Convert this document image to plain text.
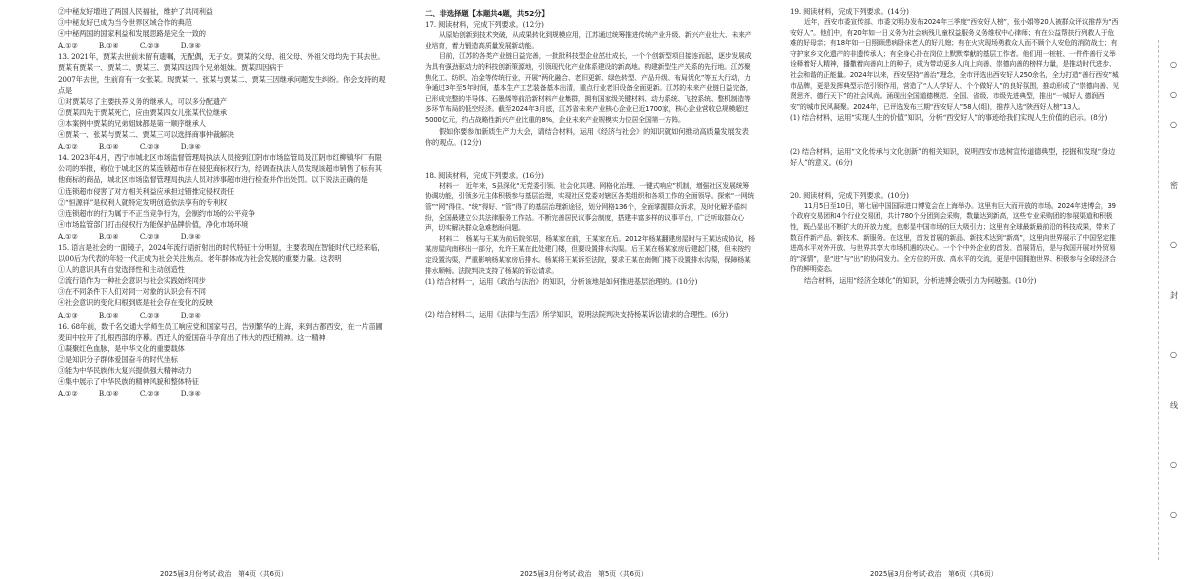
②中秘友好增进了两国人民福祉，维护了共同利益

③中秘友好已成为当今世界区域合作的典范

④中秘两国的国家利益和发展思路是完全一致的

A.①②　　　B.①④　　　C.②③　　　D.③④

13. 2021年，贾某去世前未留有遗嘱，无配偶，无子女。贾某的父母、祖父母、外祖父母均先于其去世。贾某有贾某一、贾某二、贾某三、贾某四这四个兄弟姐妹。贾某四因病于

2007年去世，生前育有一女张某。现贾某一、张某与贾某二、贾某三因继承问题发生纠纷。你会支持的观点是

①对贾某尽了主要扶养义务的继承人，可以多分配遗产

②贾某四先于贾某死亡，应由贾某四女儿张某代位继承

③本案例中贾某的兄弟姐妹都是第一顺序继承人

④贾某一、张某与贾某二、贾某三可以选择商事仲裁解决

A.①②　　　B.①④　　　C.②③　　　D.③④

14. 2023年4月，西宁市城北区市场监督管理局执法人员接到江阴市市场监管局及江阴市红柳镇华厂有限公司的举报，称位于城北区的某连锁超市存在侵犯商标权行为，经调查执法人员发现该超市销售了标有其他商标的商品，城北区市场监督管理局执法人员对涉事超市进行检查并作出处罚。以下说法正确的是

①连锁超市侵害了对方相关利益应承担过错推定侵权责任

②“恒源祥”是权利人就特定发明创造依法享有的专利权

③连锁超市的行为属于不正当竞争行为，会制约市场的公平竞争

④市场监管部门打击侵权行为能保护品牌价值，净化市场环境

A.①②　　　B.①④　　　C.②③　　　D.③④

15. 语言是社会的一面镜子，2024年流行语折射出的时代特征十分明显，主要表现在智能时代已经来临，以00后为代表的年轻一代正成为社会关注焦点、老年群体成为社会发展的重要力量。这表明

①人的意识具有自觉选择性和主动创造性

②流行语作为一种社会意识与社会实践始终同步

③在不同条件下人们对同一对象的认识会有不同

④社会意识的变化归根到底是社会存在变化的反映

A.①③　　　B.①④　　　C.②③　　　D.②④

16. 68年前，数千名交通大学师生员工响应党和国家号召，告别繁华的上海，来到古都西安，在一片苗圃麦田中拉开了扎根西部的序幕。西迁人的爱国奋斗孕育出了伟大的西迁精神。这一精神

①凝聚红色血脉，是中华文化的重要载体

②是知识分子群体爱国奋斗的时代坐标

③能为中华民族伟大复兴提供强大精神动力

④集中展示了中华民族的精神风貌和整体特征

A.①②　　　B.①④　　　C.②③　　　D.③④

二、非选择题【本题共4题，共52分】

17. 阅读材料，完成下列要求。(12分)

从原始创新到技术突破，从成果转化到规模应用，江苏通过统筹推进传统产业升级、新兴产业壮大、未来产业培育，着力锻造高质量发展新动能。

目前，江苏的各类产业链日益完善，一批批科技型企业茁壮成长，一个个创新型项目接连而起，逐步发展成为具有强劲驱动力的科技创新策源地，引领现代化产业体系建设的新高地。构建新型生产关系的先行地。江苏聚焦化工、纺织、冶金等传统行业，开展“两化融合、老旧更新、绿色转型、产品升级、布局优化”等五大行动，力争通过3年至5年时间，基本生产工艺装备基本出清，重点行业老旧设备全面更新。江苏的未来产业链日益完备，已形成完整的半导体、石墨烯等前沿新材料产业集群，拥有国家级关键材料、动力系统、飞控系统、整机制造等多环节布局的低空经济。截至2024年3月底，江苏省未来产业核心企业已近1700家，核心企业营收总规模超过5000亿元，约占战略性新兴产业比重的8%，企业未来产业规模实力位居全国第一方阵。

假如你要参加新质生产力大会，请结合材料，运用《经济与社会》的知识就如何推动高质量发展发表你的观点。(12分)

18. 阅读材料，完成下列要求。(16分)

材料一　近年来，S县深化“无党委引领、社会化共建、网格化治理、一键式响应”机制，增强社区发展统筹协调功能，引领多元主体积极参与基层治理，实现社区党委对辖区各类组织和各项工作的全面领导。探索“一网统管”“网”得住、“统”得好、“管”得了的基层治理新途径，划分网格136个，全面掌握群众诉求，及时化解矛盾纠纷，全国最建立公共法律服务工作站。不断完善居民议事会制度，搭建丰富多样的议事平台，广泛听取群众心声，切实解决群众急难愁盼问题。

材料二　杨某与王某为前后院邻居，杨某家在前，王某家在后。2012年杨某翻建房屋时与王某达成协议，杨某房屋向南移出一部分，允许王某在此处建门楼，但要设置排水沟渠。后王某在杨某家房后建起门楼，但未按约定设置沟渠，严重影响杨某家房后排水。杨某将王某诉至法院，要求王某在南侧门楼下设置排水沟渠，保障杨某排水顺畅。法院判决支持了杨某的诉讼请求。

(1) 结合材料一，运用《政治与法治》的知识，分析该地是如何推进基层治理的。(10分)

(2) 结合材料二，运用《法律与生活》所学知识，说明法院判决支持杨某诉讼请求的合理性。(6分)

19. 阅读材料，完成下列要求。(14分)

近年，西安市委宣传部、市委文明办发布2024年三季度“西安好人榜”，张小娟等20人被群众评议推荐为“西安好人”。他们中，有20年如一日义务为社会病残儿童权益服务义务维权中心律师；有在公益帮扶行列救人于危难的好母亲；有18年如一日照顾患病卧床老人的好儿媳；有在火灾现场勇救众人而不顾个人安危的消防战士；有守护家乡文化遗产的非遗传承人；有全身心扑在岗位上默默奉献的基层工作者。他们用一桩桩、一件件善行义举诠释着好人精神，播撒着向善向上的种子，成为带动更多人向上向善、崇德向善的榜样力量，是推动时代进步、社会和谐的正能量。2024年以来，西安坚持“善治”理念，全市评选出西安好人250余名，全力打造“善行西安”城市品牌，更是发挥典型示范引领作用，营造了“人人学好人、个个做好人”的良好氛围，推动形成了“崇德向善、见贤思齐、德行天下”的社会风尚。涌现出全国道德模范、全国、省级、市级先进典型，推出“一城好人 德润西安”的城市民风凝聚。2024年，已评选发布三期“西安好人”58人(组)，推荐入选“陕西好人榜”13人。

(1) 结合材料，运用“实现人生的价值”知识，分析“西安好人”的事迹给我们实现人生价值的启示。(8分)

(2) 结合材料，运用“文化传承与文化创新”的相关知识，说明西安市选树宣传道德典型，挖掘和发现“身边好人”的意义。(6分)

20. 阅读材料，完成下列要求。(10分)

11月5日至10日，第七届中国国际进口博览会在上海举办。这里有巨大而开放的市场。2024年进博会，39个政府交易团和4个行业交易团，共计780个分团到会采购，数量达到新高，这些专业采购团的参展渠道和积极性，既凸显出不断扩大的开放力度，也彰显中国市场的巨大吸引力；这里有全球最新最前沿的科技成果，带来了数百件新产品、新技术、新服务。在这里，首发首展的新品、新技术达到“新高”，这里向世界展示了中国坚定推进高水平对外开放、与世界共享大市场机遇的决心。一个个中外企业的首发、首展背后，是与我国开展对外贸易的“深情”，是“进”与“出”的协同发力。全方位的开放、高水平的交流，更是中国拥抱世界、积极参与全球经济合作的鲜明姿态。

结合材料，运用“经济全球化”的知识，分析进博会吸引力为何越强。(10分)

2025届3月份考试·政治　第4页（共6页）	2025届3月份考试·政治　第5页（共6页）	2025届3月份考试·政治　第6页（共6页）
○
○
○
密
○
封
○
线
○
○
